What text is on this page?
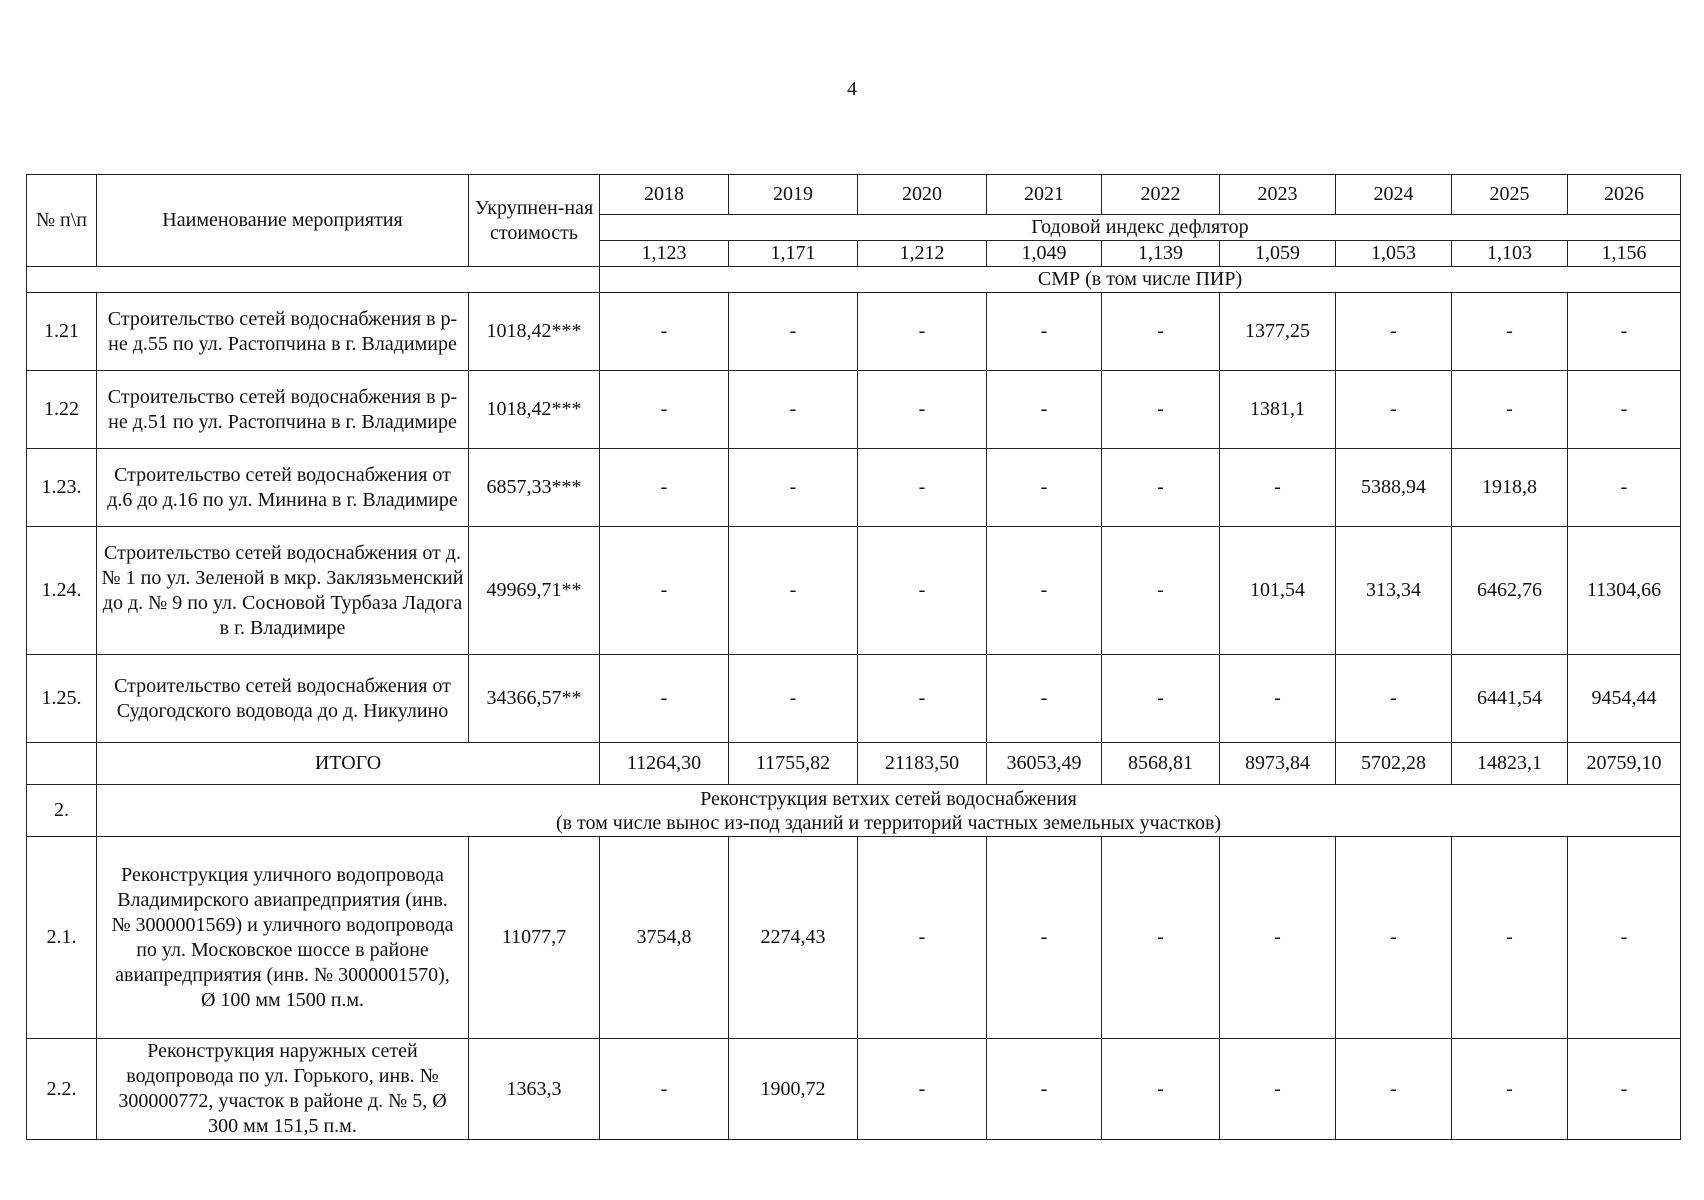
4
№ п\п	Наименование мероприятия	Укрупнен-ная стоимость	2018	2019	2020	2021	2022	2023	2024	2025	2026
			Годовой индекс дефлятор								
			1,123	1,171	1,212	1,049	1,139	1,059	1,053	1,103	1,156
			СМР (в том числе ПИР)								
1.21	Строительство сетей водоснабжения в р-не д.55 по ул. Растопчина в г. Владимире	1018,42***	-	-	-	-	-	1377,25	-	-	-
1.22	Строительство сетей водоснабжения в р-не д.51 по ул. Растопчина в г. Владимире	1018,42***	-	-	-	-	-	1381,1	-	-	-
1.23.	Строительство сетей водоснабжения от д.6 до д.16 по ул. Минина в г. Владимире	6857,33***	-	-	-	-	-	-	5388,94	1918,8	-
1.24.	Строительство сетей водоснабжения от д. № 1 по ул. Зеленой в мкр. Заклязьменский до д. № 9 по ул. Сосновой Турбаза Ладога в г. Владимире	49969,71**	-	-	-	-	-	101,54	313,34	6462,76	11304,66
1.25.	Строительство сетей водоснабжения от Судогодского водовода до д. Никулино	34366,57**	-	-	-	-	-	-	-	6441,54	9454,44
	ИТОГО		11264,30	11755,82	21183,50	36053,49	8568,81	8973,84	5702,28	14823,1	20759,10
2.	Реконструкция ветхих сетей водоснабжения
(в том числе вынос из-под зданий и территорий частных земельных участков)										

2.1.	Реконструкция уличного водопровода Владимирского авиапредприятия (инв. № 3000001569) и уличного водопровода по ул. Московское шоссе в районе авиапредприятия (инв. № 3000001570), Ø 100 мм 1500 п.м.	11077,7	3754,8	2274,43	-	-	-	-	-	-	-
2.2.	Реконструкция наружных сетей водопровода по ул. Горького, инв. № 300000772, участок в районе д. № 5, Ø 300 мм 151,5 п.м.	1363,3	-	1900,72	-	-	-	-	-	-	-
